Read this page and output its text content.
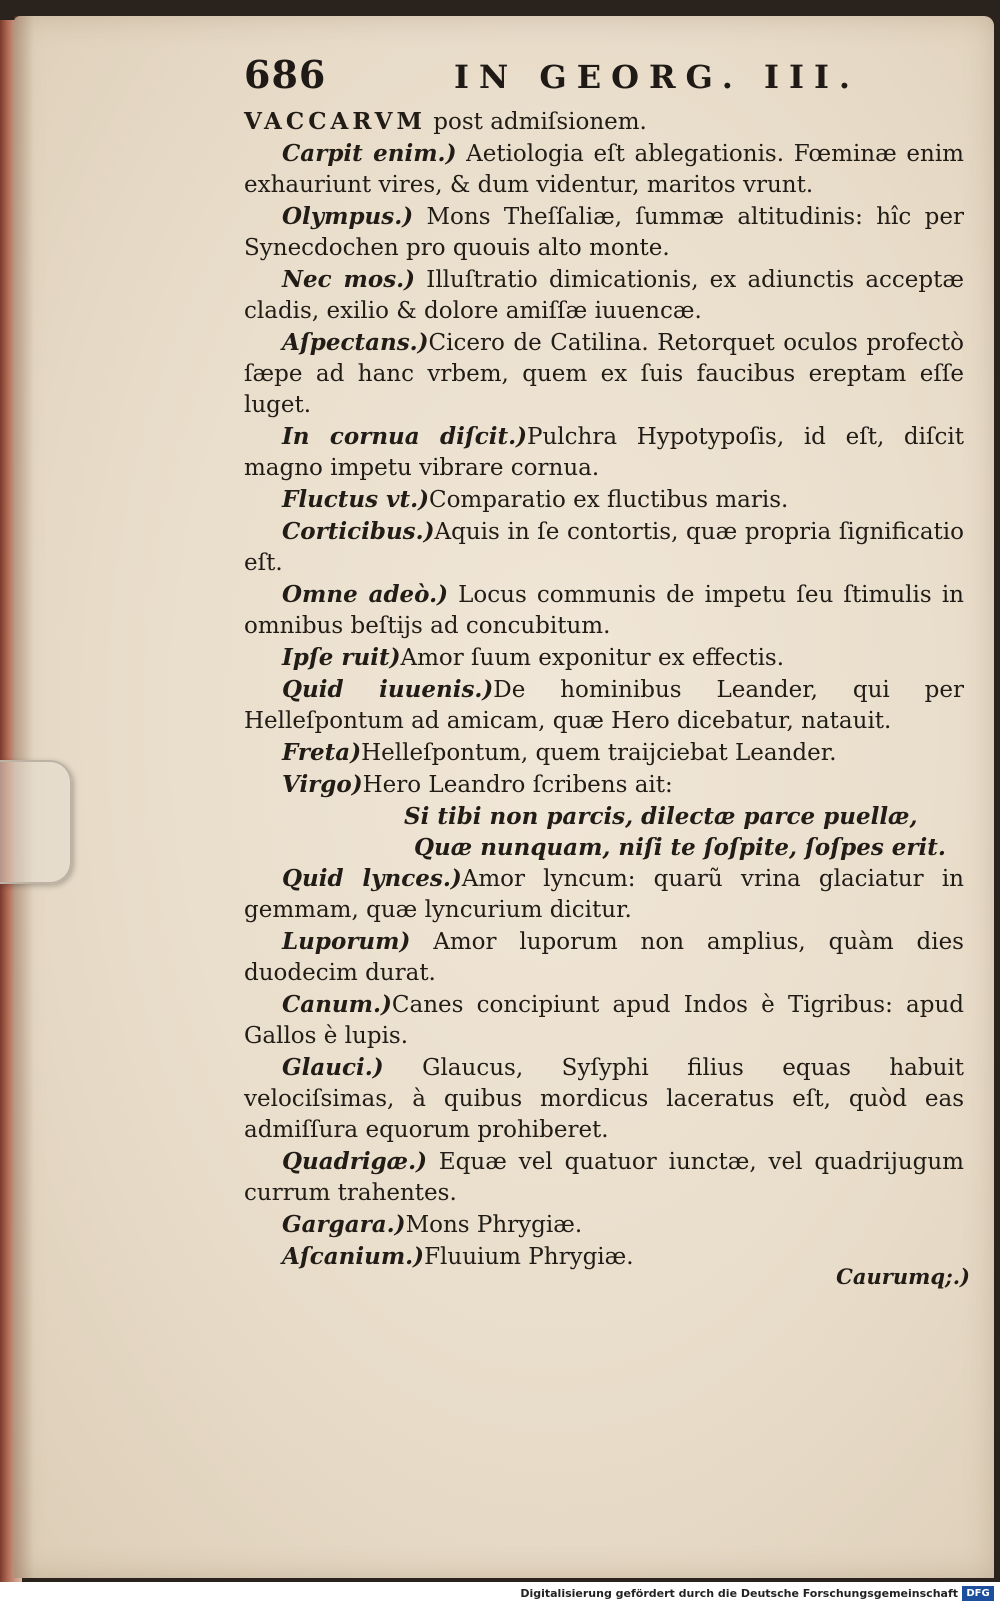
686	IN GEORG. III.

VACCARVM post admiſsionem.

Carpit enim.) Aetiologia eſt ablegationis. Fœminæ enim exhauriunt vires, & dum videntur, maritos vrunt.

Olympus.) Mons Theſſaliæ, ſummæ altitudinis: hîc per Synecdochen pro quouis alto monte.

Nec mos.) Illuſtratio dimicationis, ex adiunctis acceptæ cladis, exilio & dolore amiſſæ iuuencæ.

Aſpectans.)Cicero de Catilina. Retorquet oculos profectò ſæpe ad hanc vrbem, quem ex ſuis faucibus ereptam eſſe luget.

In cornua diſcit.)Pulchra Hypotypoſis, id eſt, diſcit magno impetu vibrare cornua.

Fluctus vt.)Comparatio ex fluctibus maris.

Corticibus.)Aquis in ſe contortis, quæ propria ſignificatio eſt.

Omne adeò.) Locus communis de impetu ſeu ſtimulis in omnibus beſtijs ad concubitum.

Ipſe ruit)Amor ſuum exponitur ex effectis.

Quid iuuenis.)De hominibus Leander, qui per Helleſpontum ad amicam, quæ Hero dicebatur, natauit.

Freta)Helleſpontum, quem traijciebat Leander.

Virgo)Hero Leandro ſcribens ait:

Si tibi non parcis, dilectæ parce puellæ,

Quæ nunquam, niſi te ſoſpite, ſoſpes erit.

Quid lynces.)Amor lyncum: quarũ vrina glaciatur in gemmam, quæ lyncurium dicitur.

Luporum) Amor luporum non amplius, quàm dies duodecim durat.

Canum.)Canes concipiunt apud Indos è Tigribus: apud Gallos è lupis.

Glauci.) Glaucus, Syſyphi filius equas habuit velociſsimas, à quibus mordicus laceratus eſt, quòd eas admiſſura equorum prohiberet.

Quadrigæ.) Equæ vel quatuor iunctæ, vel quadrijugum currum trahentes.

Gargara.)Mons Phrygiæ.

Aſcanium.)Fluuium Phrygiæ.

Caurumq;.)
Digitalisierung gefördert durch die Deutsche Forschungsgemeinschaft DFG
